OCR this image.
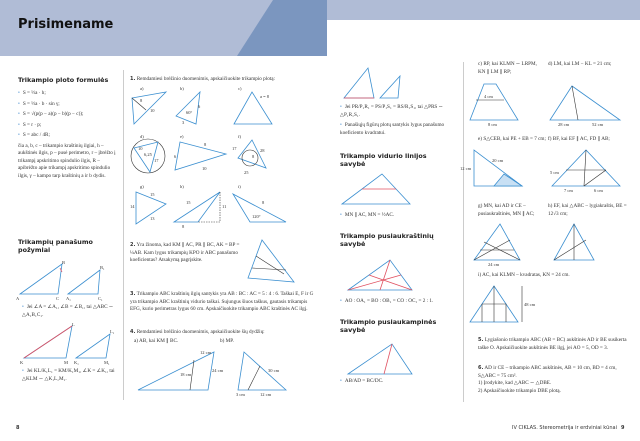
Prisimename
Trikampio ploto formulės
• S = ½a · h;
• S = ½a · b · sin γ;
• S = √(p(p − a)(p − b)(p − c));
• S = r · p;
• S = abc / 4R;
čia a, b, c – trikampio kraštinių ilgiai, h – aukštinės ilgis, p – pusė perimetro, r – įbrėžto į trikampį apskritimo spindulio ilgis, R – apibrėžto apie trikampį apskritimo spindulio ilgis, γ – kampo tarp kraštinių a ir b dydis.
Trikampių panašumo požymiai
A
B
C A₁
B₁
C₁
• Jei ∠A = ∠A₁, ∠B = ∠B₁, tai △ABC ∼ △A₁B₁C₁.
K
L
M K₁
L₁
M₁
• Jei KL/K₁L₁ = KM/K₁M₁, ∠K = ∠K₁, tai △KLM ∼ △K₁L₁M₁.
1. Remdamiesi brėžinio duomenimis, apskaičiuokite trikampio plotą:
a)	b)	c)
8
10	60°
6
3
a = 8
d)	e)	f)
10
6,25
17
8
6
10
17	28
8
25
g)	h)	i)
15
14
13
15
11
8
120°
8
2. Yra žinoma, kad KM ∥ AC, PR ∥ BC, AK = BP = ¼AB. Kam lygus trikampių KPO ir ABC panašumo koeficientas? Atsakymą pagrįskite.
3. Trikampio ABC kraštinių ilgių santykis yra AB : BC : AC = 5 : 4 : 6. Taškai E, F ir G yra trikampio ABC kraštinių vidurio taškai. Sujungus šiuos taškus, gautasis trikampis EFG, kurio perimetras lygus 60 cm. Apskaičiuokite trikampio ABC kraštinės AC ilgį.
4. Remdamiesi brėžinio duomenimis, apskaičiuokite šių dydžių:
a) AB, kai KM ∥ BC.	b) MP.
12 cm
18 cm
24 cm	30 cm
3 cm	12 cm
8
• Jei PR/P₁R₁ = PS/P₁S₁ = RS/R₁S₁, tai △PRS ∼ △P₁R₁S₁.
• Panašiųjų figūrų plotų santykis lygus panašumo koeficiento kvadratui.
Trikampio vidurio linijos savybė
• MN ∥ AC, MN = ½AC.
Trikampio pusiaukraštinių savybė
• AO : OA₁ = BO : OB₁ = CO : OC₁ = 2 : 1.
Trikampio pusiaukampinės savybė
• AB/AD = BC/DC.
c) RP, kai KLMN ∼ LRPM, KN ∥ LM ∥ RP;
d) LM, kai LM − KL = 21 cm;
4 cm
8 cm	28 cm	52 cm
e) S△CEB, kai PE + EB = 7 cm; f) BF, kai EF ∥ AC, FD ∥ AB;
20 cm
12 cm
5 cm
7 cm	6 cm
g) MN, kai AD ir CE – pusiaukraštinės, MN ∥ AC;
h) EF, kai △ABC – lygiakraštis, BE = 12√3 cm;
24 cm
i) AC, kai KLMN – kvadratas, KN = 24 cm.
48 cm
5. Lygiašonio trikampio ABC (AB = BC) aukštinės AD ir BE susikerta taške O. Apskaičiuokite aukštinės BE ilgį, jei AO = 5, OD = 3.
6. AD ir CE – trikampio ABC aukštinės, AB = 10 cm, BD = 4 cm, S△ABC = 75 cm².
1) Įrodykite, kad △ABC ∼ △DBE.
2) Apskaičiuokite trikampio DBE plotą.
IV CIKLAS. Stereometrija ir erdviniai kūnai 9
